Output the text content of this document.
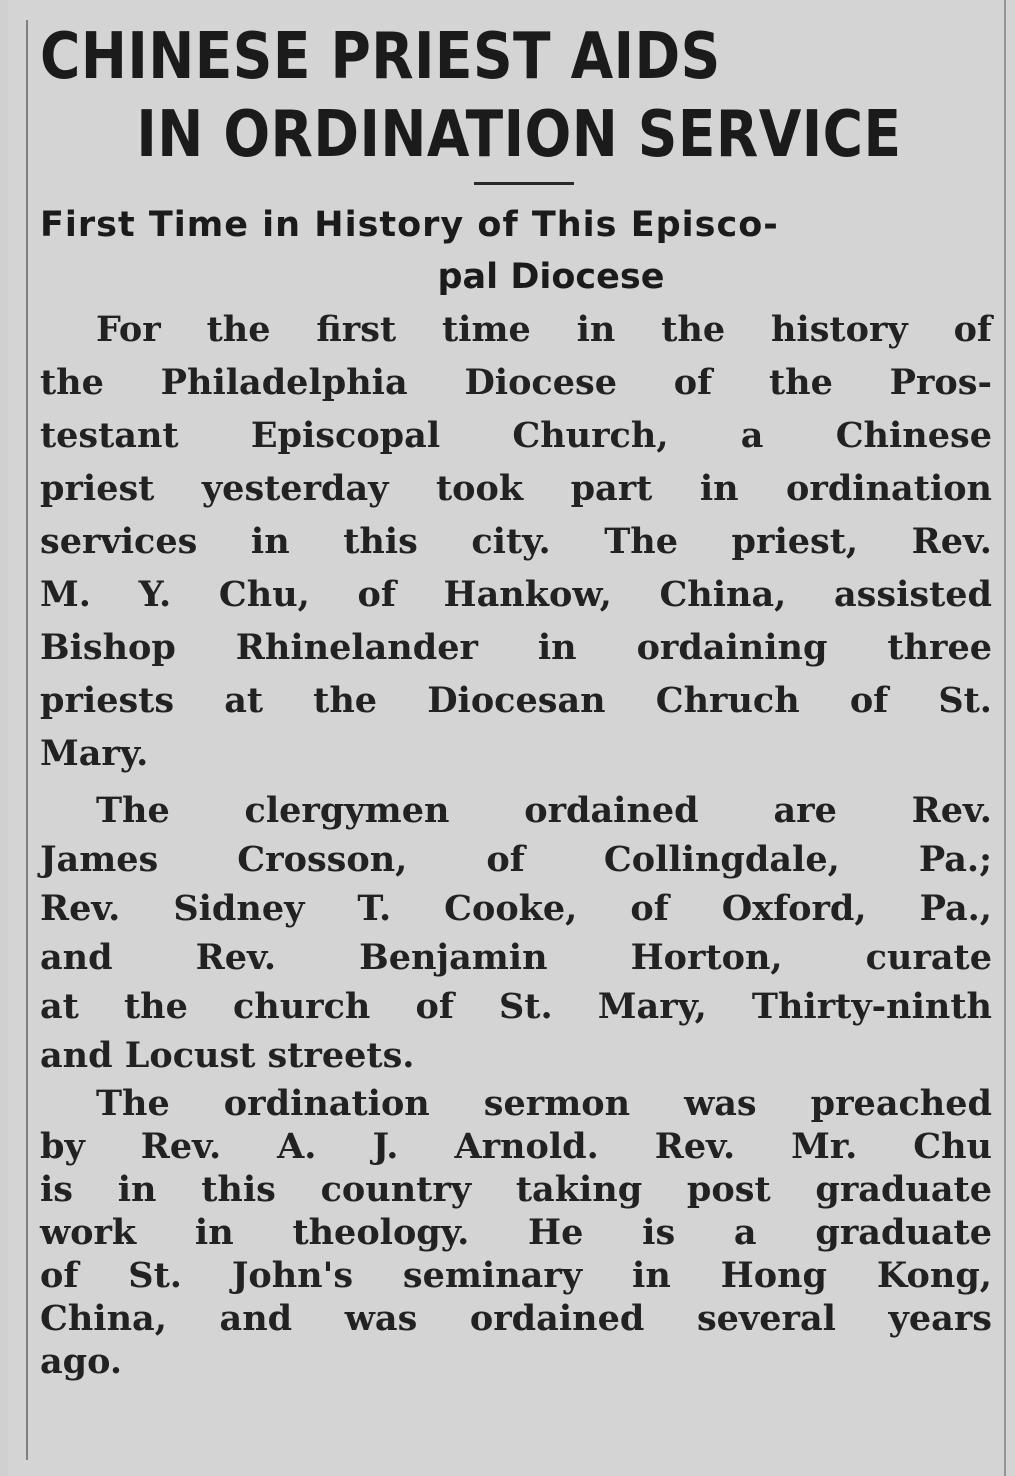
CHINESE PRIEST AIDS
IN ORDINATION SERVICE
First Time in History of This Episco-
pal Diocese
For the first time in the history of
the Philadelphia Diocese of the Pros-
testant Episcopal Church, a Chinese
priest yesterday took part in ordination
services in this city. The priest, Rev.
M. Y. Chu, of Hankow, China, assisted
Bishop Rhinelander in ordaining three
priests at the Diocesan Chruch of St.
Mary.
The clergymen ordained are Rev.
James Crosson, of Collingdale, Pa.;
Rev. Sidney T. Cooke, of Oxford, Pa.,
and Rev. Benjamin Horton, curate
at the church of St. Mary, Thirty-ninth
and Locust streets.
The ordination sermon was preached
by Rev. A. J. Arnold. Rev. Mr. Chu
is in this country taking post graduate
work in theology. He is a graduate
of St. John's seminary in Hong Kong,
China, and was ordained several years
ago.
